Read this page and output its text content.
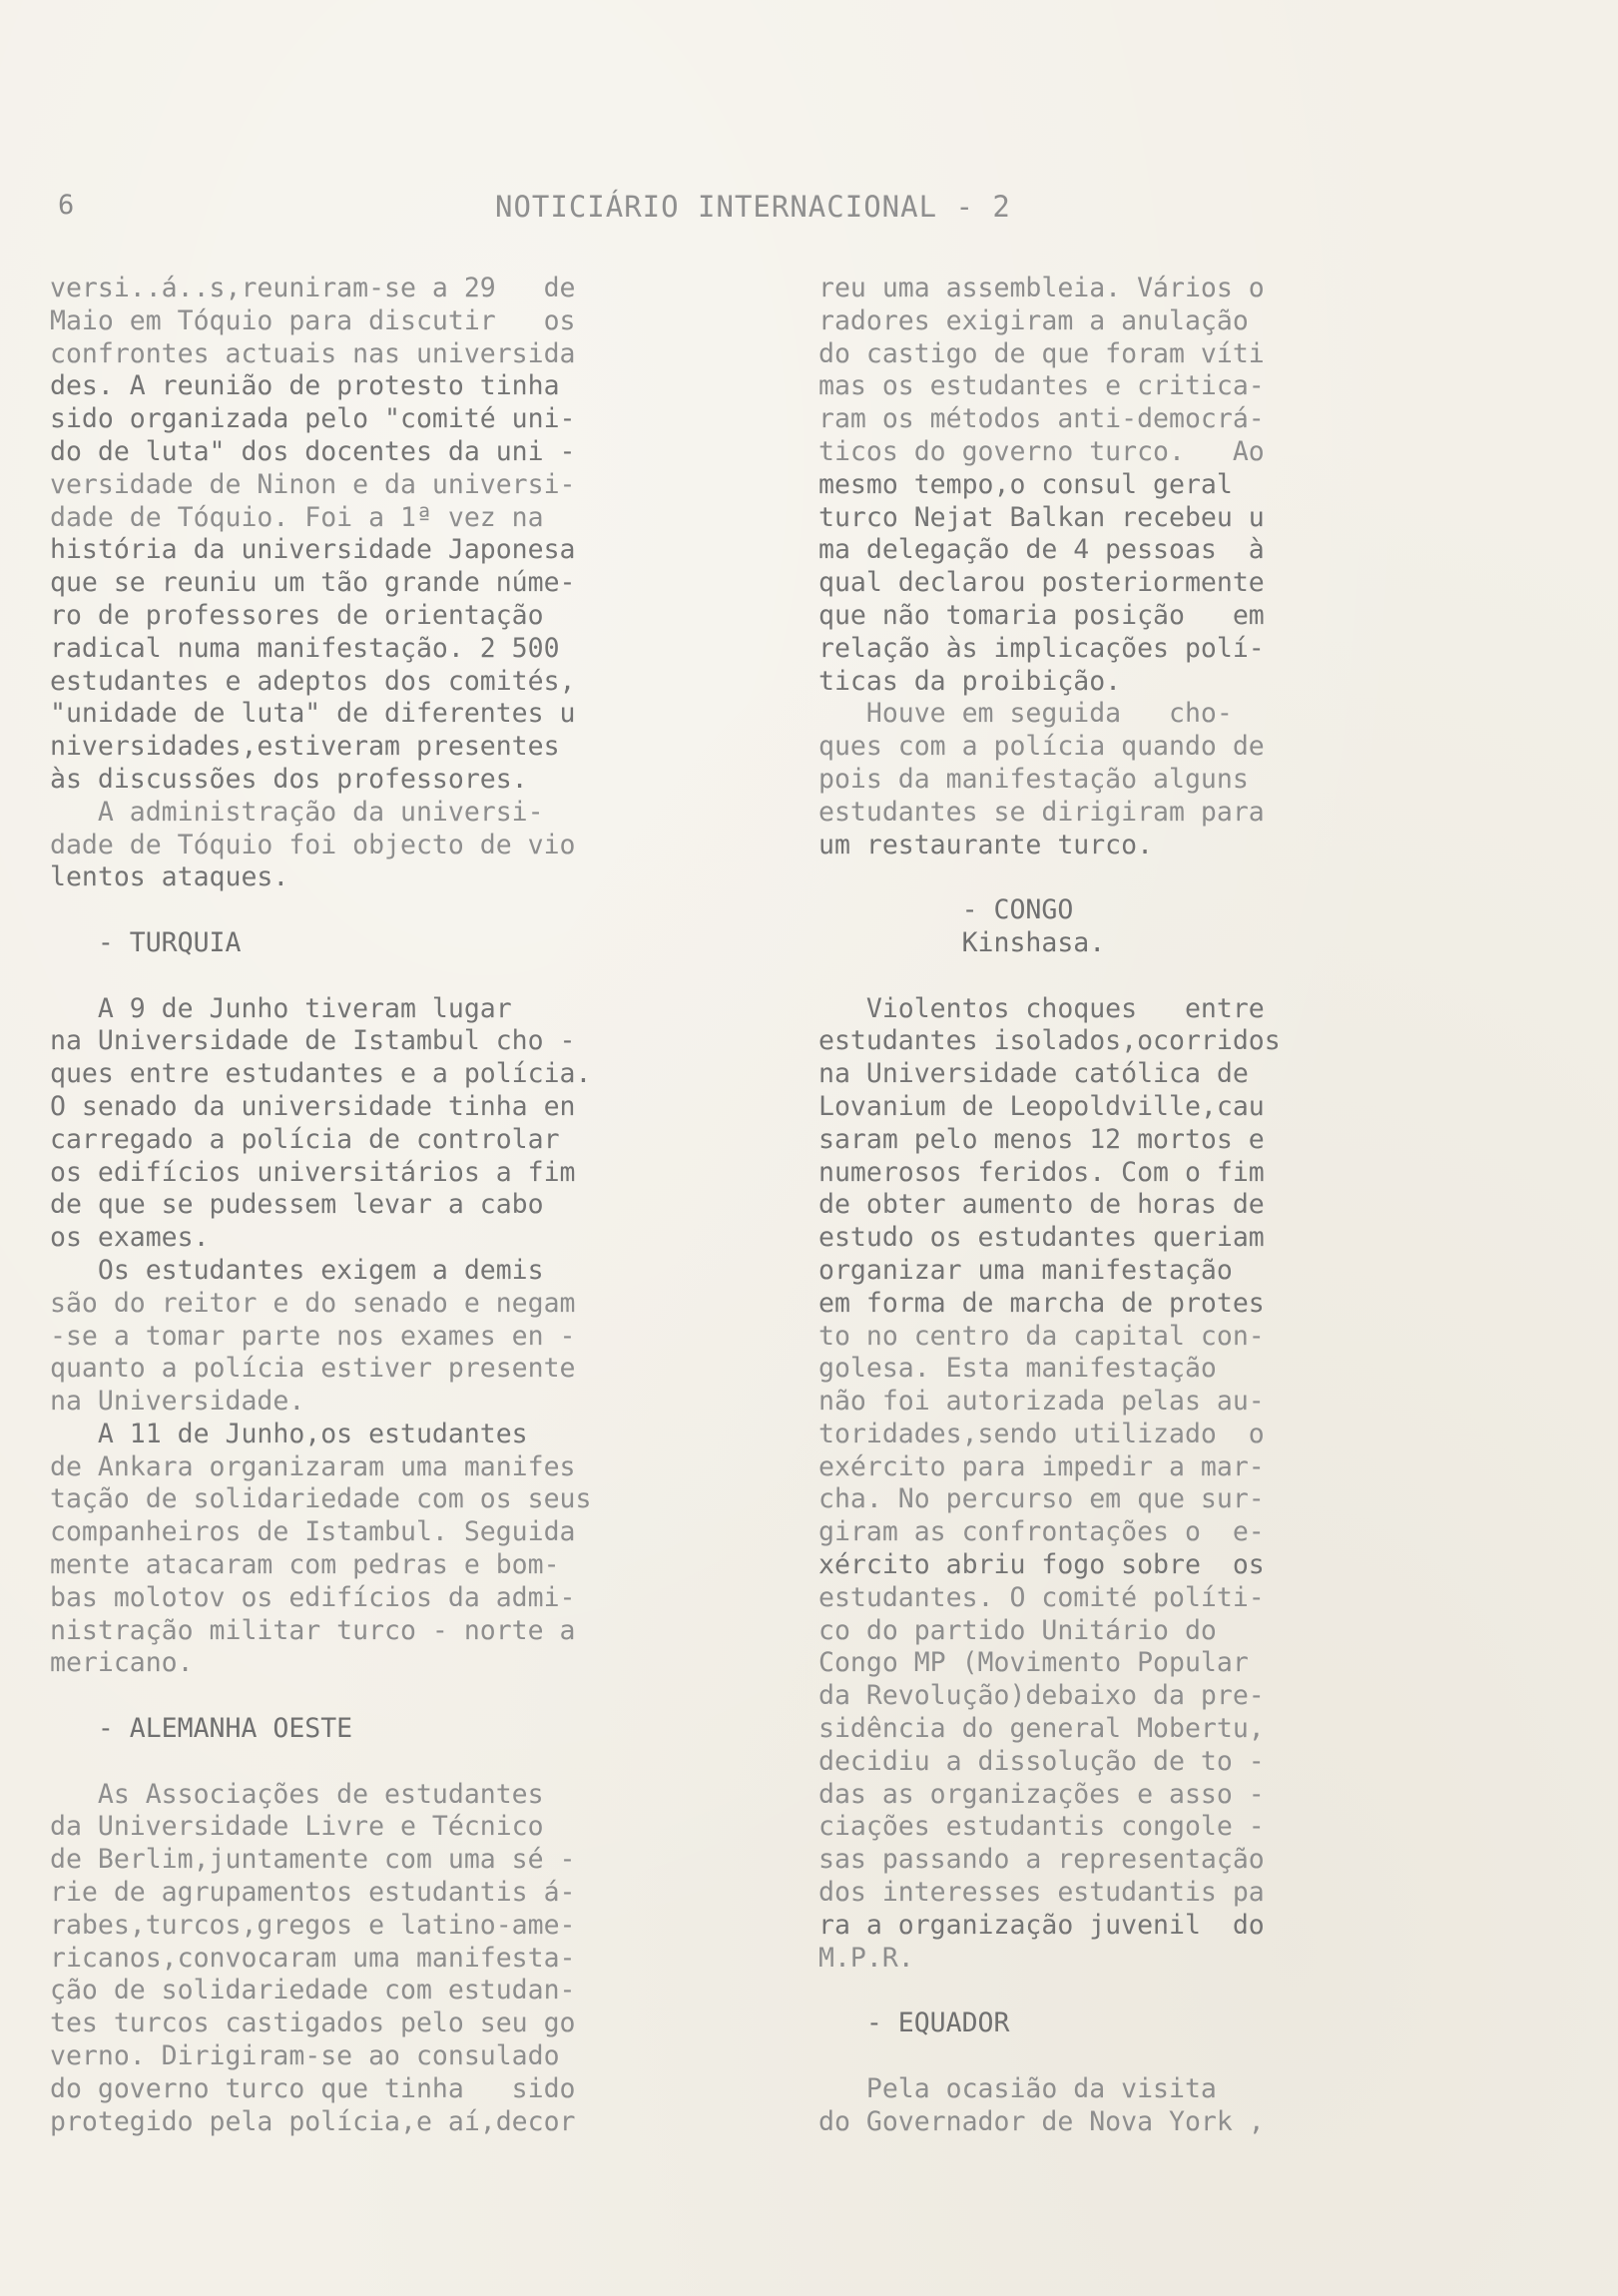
6	NOTICIÁRIO INTERNACIONAL - 2
versi..á..s,reuniram-se a 29   de
Maio em Tóquio para discutir   os
confrontes actuais nas universida
des. A reunião de protesto tinha
sido organizada pelo "comité uni-
do de luta" dos docentes da uni -
versidade de Ninon e da universi-
dade de Tóquio. Foi a 1ª vez na
história da universidade Japonesa
que se reuniu um tão grande núme-
ro de professores de orientação
radical numa manifestação. 2 500
estudantes e adeptos dos comités,
"unidade de luta" de diferentes u
niversidades,estiveram presentes
às discussões dos professores.
A administração da universi-
dade de Tóquio foi objecto de vio
lentos ataques.

- TURQUIA

A 9 de Junho tiveram lugar
na Universidade de Istambul cho -
ques entre estudantes e a polícia.
O senado da universidade tinha en
carregado a polícia de controlar
os edifícios universitários a fim
de que se pudessem levar a cabo
os exames.
Os estudantes exigem a demis
são do reitor e do senado e negam
-se a tomar parte nos exames en -
quanto a polícia estiver presente
na Universidade.
A 11 de Junho,os estudantes
de Ankara organizaram uma manifes
tação de solidariedade com os seus
companheiros de Istambul. Seguida
mente atacaram com pedras e bom-
bas molotov os edifícios da admi-
nistração militar turco - norte a
mericano.

- ALEMANHA OESTE

As Associações de estudantes
da Universidade Livre e Técnico
de Berlim,juntamente com uma sé -
rie de agrupamentos estudantis á-
rabes,turcos,gregos e latino-ame-
ricanos,convocaram uma manifesta-
ção de solidariedade com estudan-
tes turcos castigados pelo seu go
verno. Dirigiram-se ao consulado
do governo turco que tinha   sido
protegido pela polícia,e aí,decor
reu uma assembleia. Vários o
radores exigiram a anulação
do castigo de que foram víti
mas os estudantes e critica-
ram os métodos anti-democrá-
ticos do governo turco.   Ao
mesmo tempo,o consul geral
turco Nejat Balkan recebeu u
ma delegação de 4 pessoas  à
qual declarou posteriormente
que não tomaria posição   em
relação às implicações polí-
ticas da proibição.
Houve em seguida   cho-
ques com a polícia quando de
pois da manifestação alguns
estudantes se dirigiram para
um restaurante turco.

- CONGO
Kinshasa.

Violentos choques   entre
estudantes isolados,ocorridos
na Universidade católica de
Lovanium de Leopoldville,cau
saram pelo menos 12 mortos e
numerosos feridos. Com o fim
de obter aumento de horas de
estudo os estudantes queriam
organizar uma manifestação
em forma de marcha de protes
to no centro da capital con-
golesa. Esta manifestação
não foi autorizada pelas au-
toridades,sendo utilizado  o
exército para impedir a mar-
cha. No percurso em que sur-
giram as confrontações o  e-
xército abriu fogo sobre  os
estudantes. O comité políti-
co do partido Unitário do
Congo MP (Movimento Popular
da Revolução)debaixo da pre-
sidência do general Mobertu,
decidiu a dissolução de to -
das as organizações e asso -
ciações estudantis congole -
sas passando a representação
dos interesses estudantis pa
ra a organização juvenil  do
M.P.R.

- EQUADOR

Pela ocasião da visita
do Governador de Nova York ,
